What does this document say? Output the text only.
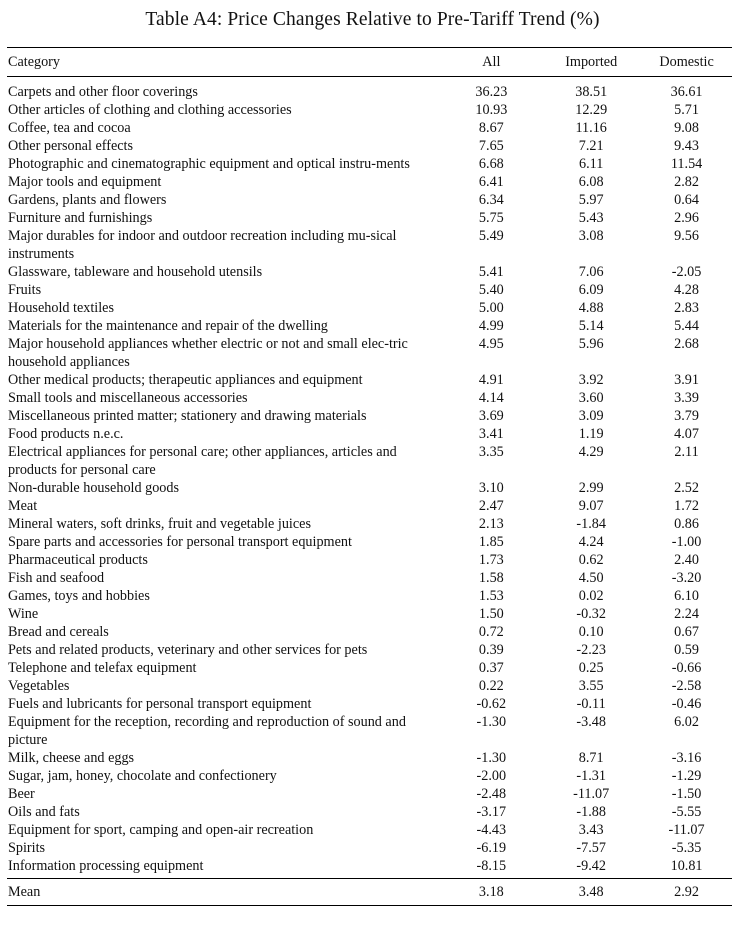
Table A4: Price Changes Relative to Pre-Tariff Trend (%)
Category	All	Imported	Domestic
Carpets and other floor coverings	36.23	38.51	36.61
Other articles of clothing and clothing accessories	10.93	12.29	5.71
Coffee, tea and cocoa	8.67	11.16	9.08
Other personal effects	7.65	7.21	9.43
Photographic and cinematographic equipment and optical instru-ments	6.68	6.11	11.54
Major tools and equipment	6.41	6.08	2.82
Gardens, plants and flowers	6.34	5.97	0.64
Furniture and furnishings	5.75	5.43	2.96
Major durables for indoor and outdoor recreation including mu-sical instruments
5.49	3.08	9.56
Glassware, tableware and household utensils	5.41	7.06	-2.05
Fruits	5.40	6.09	4.28
Household textiles	5.00	4.88	2.83
Materials for the maintenance and repair of the dwelling	4.99	5.14	5.44
Major household appliances whether electric or not and small elec-tric household appliances
4.95	5.96	2.68
Other medical products; therapeutic appliances and equipment	4.91	3.92	3.91
Small tools and miscellaneous accessories	4.14	3.60	3.39
Miscellaneous printed matter; stationery and drawing materials	3.69	3.09	3.79
Food products n.e.c.	3.41	1.19	4.07
Electrical appliances for personal care; other appliances, articles and products for personal care
3.35	4.29	2.11
Non-durable household goods	3.10	2.99	2.52
Meat	2.47	9.07	1.72
Mineral waters, soft drinks, fruit and vegetable juices	2.13	-1.84	0.86
Spare parts and accessories for personal transport equipment	1.85	4.24	-1.00
Pharmaceutical products	1.73	0.62	2.40
Fish and seafood	1.58	4.50	-3.20
Games, toys and hobbies	1.53	0.02	6.10
Wine	1.50	-0.32	2.24
Bread and cereals	0.72	0.10	0.67
Pets and related products, veterinary and other services for pets	0.39	-2.23	0.59
Telephone and telefax equipment	0.37	0.25	-0.66
Vegetables	0.22	3.55	-2.58
Fuels and lubricants for personal transport equipment	-0.62	-0.11	-0.46
Equipment for the reception, recording and reproduction of sound and picture
-1.30	-3.48	6.02
Milk, cheese and eggs	-1.30	8.71	-3.16
Sugar, jam, honey, chocolate and confectionery	-2.00	-1.31	-1.29
Beer	-2.48	-11.07	-1.50
Oils and fats	-3.17	-1.88	-5.55
Equipment for sport, camping and open-air recreation	-4.43	3.43	-11.07
Spirits	-6.19	-7.57	-5.35
Information processing equipment	-8.15	-9.42	10.81
Mean	3.18	3.48	2.92
